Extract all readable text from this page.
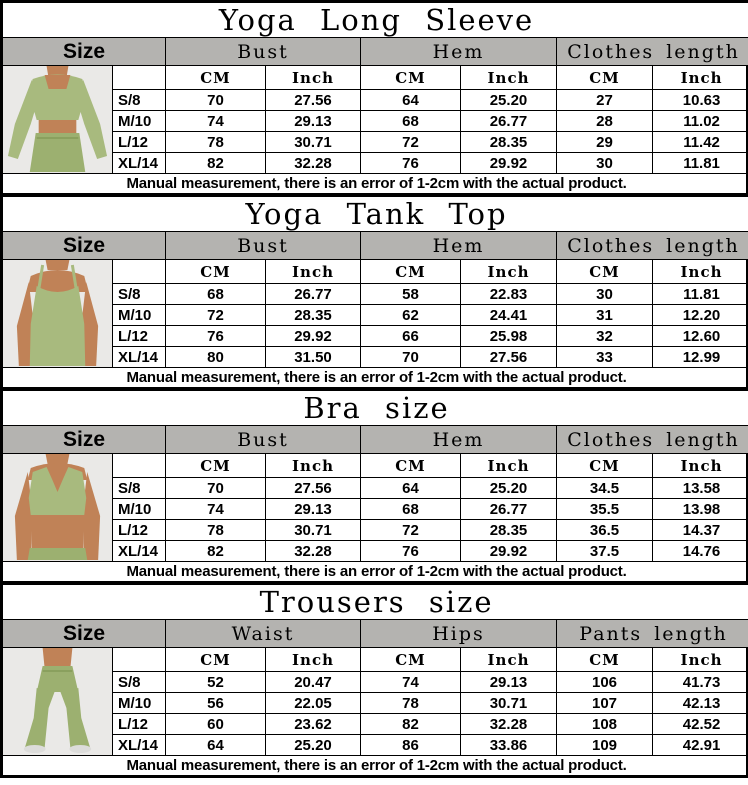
Yoga Long Sleeve							
Size		Bust		Hem		Clothes length	

		CM	Inch	CM	Inch	CM	Inch
	S/8	70	27.56	64	25.20	27	10.63
	M/10	74	29.13	68	26.77	28	11.02
	L/12	78	30.71	72	28.35	29	11.42
	XL/14	82	32.28	76	29.92	30	11.81
Manual measurement, there is an error of 1-2cm with the actual product.							
Yoga Tank Top							
Size		Bust		Hem		Clothes length	

		CM	Inch	CM	Inch	CM	Inch
	S/8	68	26.77	58	22.83	30	11.81
	M/10	72	28.35	62	24.41	31	12.20
	L/12	76	29.92	66	25.98	32	12.60
	XL/14	80	31.50	70	27.56	33	12.99
Manual measurement, there is an error of 1-2cm with the actual product.							
Bra size							
Size		Bust		Hem		Clothes length	

		CM	Inch	CM	Inch	CM	Inch
	S/8	70	27.56	64	25.20	34.5	13.58
	M/10	74	29.13	68	26.77	35.5	13.98
	L/12	78	30.71	72	28.35	36.5	14.37
	XL/14	82	32.28	76	29.92	37.5	14.76
Manual measurement, there is an error of 1-2cm with the actual product.							
Trousers size							
Size		Waist		Hips		Pants length	

		CM	Inch	CM	Inch	CM	Inch
	S/8	52	20.47	74	29.13	106	41.73
	M/10	56	22.05	78	30.71	107	42.13
	L/12	60	23.62	82	32.28	108	42.52
	XL/14	64	25.20	86	33.86	109	42.91
Manual measurement, there is an error of 1-2cm with the actual product.							
